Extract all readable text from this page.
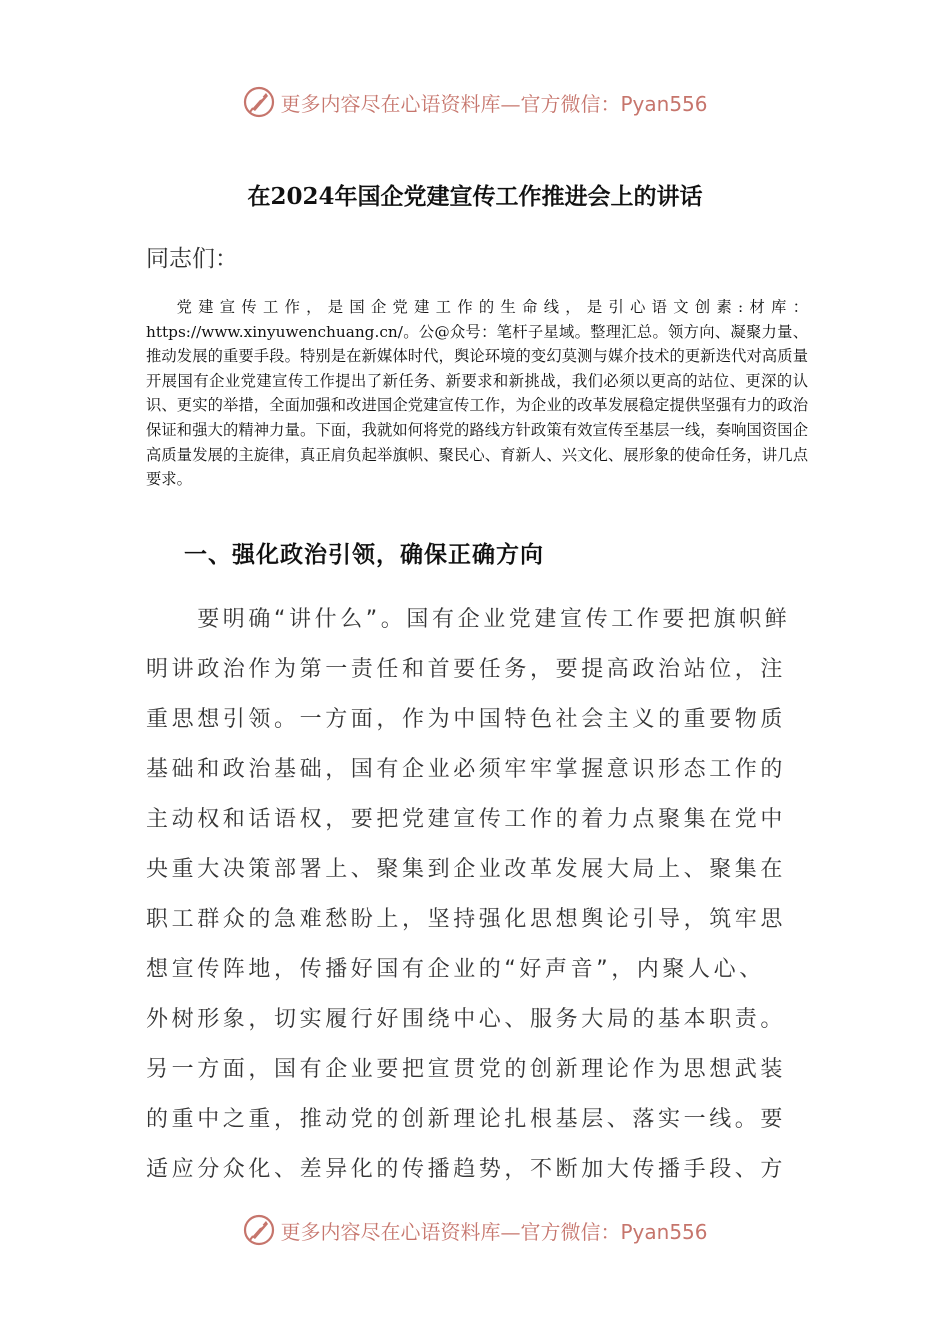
更多内容尽在心语资料库—官方微信：Pyan556
在2024年国企党建宣传工作推进会上的讲话
同志们：

党建宣传工作，是国企党建工作的生命线，是引心语文创素:材库：https://www.xinyuwenchuang.cn/。公@众号：笔杆子星域。整理汇总。领方向、凝聚力量、推动发展的重要手段。特别是在新媒体时代，舆论环境的变幻莫测与媒介技术的更新迭代对高质量开展国有企业党建宣传工作提出了新任务、新要求和新挑战，我们必须以更高的站位、更深的认识、更实的举措，全面加强和改进国企党建宣传工作，为企业的改革发展稳定提供坚强有力的政治保证和强大的精神力量。下面，我就如何将党的路线方针政策有效宣传至基层一线，奏响国资国企高质量发展的主旋律，真正肩负起举旗帜、聚民心、育新人、兴文化、展形象的使命任务，讲几点要求。

一、强化政治引领，确保正确方向
　　要明确“讲什么”。国有企业党建宣传工作要把旗帜鲜
明讲政治作为第一责任和首要任务，要提高政治站位，注
重思想引领。一方面，作为中国特色社会主义的重要物质
基础和政治基础，国有企业必须牢牢掌握意识形态工作的
主动权和话语权，要把党建宣传工作的着力点聚集在党中
央重大决策部署上、聚集到企业改革发展大局上、聚集在
职工群众的急难愁盼上，坚持强化思想舆论引导，筑牢思
想宣传阵地，传播好国有企业的“好声音”，内聚人心、
外树形象，切实履行好围绕中心、服务大局的基本职责。
另一方面，国有企业要把宣贯党的创新理论作为思想武装
的重中之重，推动党的创新理论扎根基层、落实一线。要
适应分众化、差异化的传播趋势，不断加大传播手段、方
更多内容尽在心语资料库—官方微信：Pyan556
